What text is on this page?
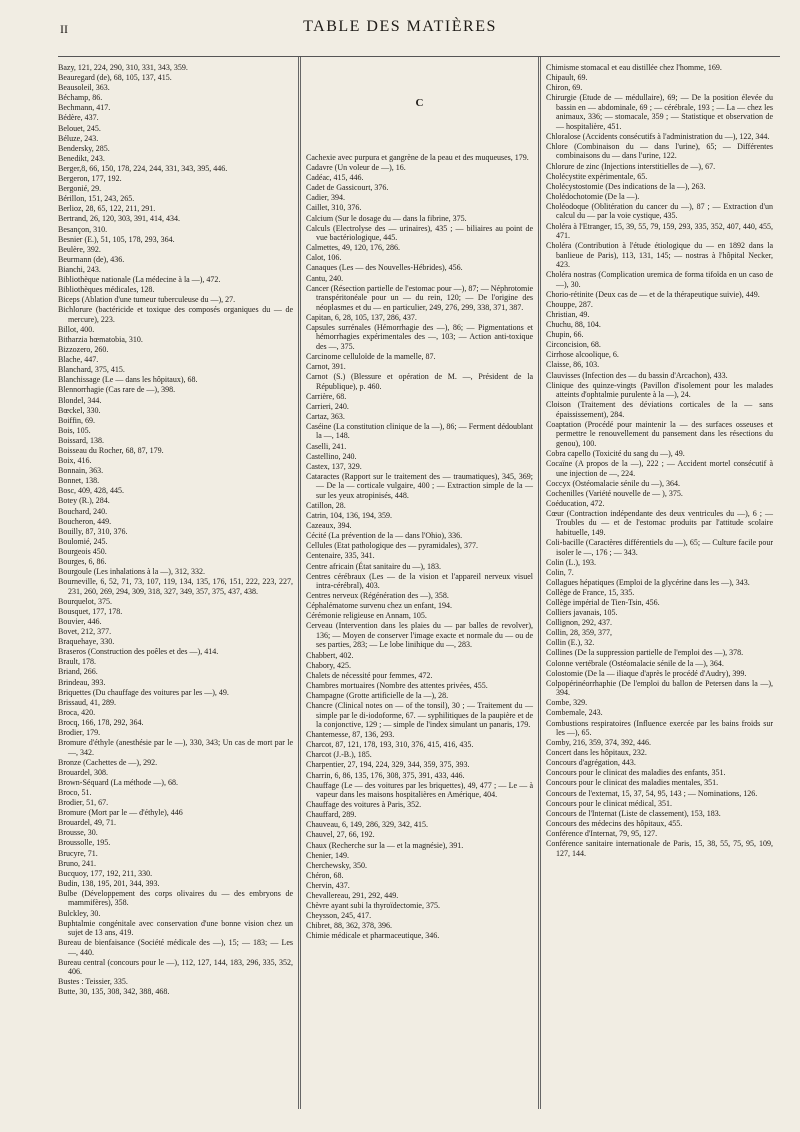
II	TABLE DES MATIÈRES

Bazy, 121, 224, 290, 310, 331, 343, 359.

Beauregard (de), 68, 105, 137, 415.

Beausoleil, 363.

Béchamp, 86.

Bechmann, 417.

Bédère, 437.

Belouet, 245.

Béluze, 243.

Bendersky, 285.

Benedikt, 243.

Berger,8, 66, 150, 178, 224, 244, 331, 343, 395, 446.

Bergeron, 177, 192.

Bergonié, 29.

Bérillon, 151, 243, 265.

Berlioz, 28, 65, 122, 211, 291.

Bertrand, 26, 120, 303, 391, 414, 434.

Besançon, 310.

Besnier (E.), 51, 105, 178, 293, 364.

Beulère, 392.

Beurmann (de), 436.

Bianchi, 243.

Bibliothèque nationale (La médecine à la —), 472.

Bibliothèques médicales, 128.

Biceps (Ablation d'une tumeur tuberculeuse du —), 27.

Bichlorure (bactéricide et toxique des composés organiques du — de mercure), 223.

Billot, 400.

Bitharzia hœmatobia, 310.

Bizzozero, 260.

Blache, 447.

Blanchard, 375, 415.

Blanchissage (Le — dans les hôpitaux), 68.

Blennorrhagie (Cas rare de —), 398.

Blondel, 344.

Bœckel, 330.

Boiffin, 69.

Bois, 105.

Boissard, 138.

Boisseau du Rocher, 68, 87, 179.

Boix, 416.

Bonnain, 363.

Bonnet, 138.

Bosc, 409, 428, 445.

Botey (R.), 284.

Bouchard, 240.

Boucheron, 449.

Bouilly, 87, 310, 376.

Boulomié, 245.

Bourgeois 450.

Bourges, 6, 86.

Bourgoule (Les inhalations à la —), 312, 332.

Bourneville, 6, 52, 71, 73, 107, 119, 134, 135, 176, 151, 222, 223, 227, 231, 260, 269, 294, 309, 318, 327, 349, 357, 375, 437, 438.

Bourquelot, 375.

Bousquet, 177, 178.

Bouvier, 446.

Bovet, 212, 377.

Braquehaye, 330.

Braseros (Construction des poêles et des —), 414.

Brault, 178.

Briand, 266.

Brindeau, 393.

Briquettes (Du chauffage des voitures par les —), 49.

Brissaud, 41, 289.

Broca, 420.

Brocq, 166, 178, 292, 364.

Brodier, 179.

Bromure d'éthyle (anesthésie par le —), 330, 343; Un cas de mort par le —, 342.

Bronze (Cachettes de —), 292.

Brouardel, 308.

Brown-Séquard (La méthode —), 68.

Broco, 51.

Brodier, 51, 67.

Bromure (Mort par le — d'éthyle), 446

Brouardel, 49, 71.

Brousse, 30.

Broussolle, 195.

Brucyre, 71.

Bruno, 241.

Bucquoy, 177, 192, 211, 330.

Budin, 138, 195, 201, 344, 393.

Bulbe (Développement des corps olivaires du — des embryons de mammifères), 358.

Bulckley, 30.

Buphtalmie congénitale avec conservation d'une bonne vision chez un sujet de 13 ans, 419.

Bureau de bienfaisance (Société médicale des —), 15; — 183; — Les —, 440.

Bureau central (concours pour le —), 112, 127, 144, 183, 296, 335, 352, 406.

Bustes : Teissier, 335.

Butte, 30, 135, 308, 342, 388, 468.

C

Cachexie avec purpura et gangrène de la peau et des muqueuses, 179.

Cadavre (Un voleur de —), 16.

Cadéac, 415, 446.

Cadet de Gassicourt, 376.

Cadier, 394.

Caillet, 310, 376.

Calcium (Sur le dosage du — dans la fibrine, 375.

Calculs (Electrolyse des — urinaires), 435 ; — biliaires au point de vue bactériologique, 445.

Calmettes, 49, 120, 176, 286.

Calot, 106.

Canaques (Les — des Nouvelles-Hébrides), 456.

Cantu, 240.

Cancer (Résection partielle de l'estomac pour —), 87; — Néphrotomie transpéritonéale pour un — du rein, 120; — De l'origine des néoplasmes et du — en particulier, 249, 276, 299, 338, 371, 387.

Capitan, 6, 28, 105, 137, 286, 437.

Capsules surrénales (Hémorrhagie des —), 86; — Pigmentations et hémorrhagies expérimentales des —, 103; — Action anti-toxique des —, 375.

Carcinome celluloïde de la mamelle, 87.

Carnot, 391.

Carnot (S.) (Blessure et opération de M. —, Président de la République), p. 460.

Carrière, 68.

Carrieri, 240.

Cartaz, 363.

Caséine (La constitution clinique de la —), 86; — Ferment dédoublant la —, 148.

Caselli, 241.

Castellino, 240.

Castex, 137, 329.

Cataractes (Rapport sur le traitement des — traumatiques), 345, 369; — De la — corticale vulgaire, 400 ; — Extraction simple de la — sur les yeux atropinisés, 448.

Catillon, 28.

Catrin, 104, 136, 194, 359.

Cazeaux, 394.

Cécité (La prévention de la — dans l'Ohio), 336.

Cellules (Etat pathologique des — pyramidales), 377.

Centenaire, 335, 341.

Centre africain (État sanitaire du —), 183.

Centres cérébraux (Les — de la vision et l'appareil nerveux visuel intra-cérébral), 403.

Centres nerveux (Régénération des —), 358.

Céphalématome survenu chez un enfant, 194.

Cérémonie religieuse en Annam, 105.

Cerveau (Intervention dans les plaies du — par balles de revolver), 136; — Moyen de conserver l'image exacte et normale du — ou de ses parties, 283; — Le lobe linihique du —, 283.

Chabbert, 402.

Chabory, 425.

Chalets de nécessité pour femmes, 472.

Chambres mortuaires (Nombre des attentes privées, 455.

Champagne (Grotte artificielle de la —), 28.

Chancre (Clinical notes on — of the tonsil), 30 ; — Traitement du — simple par le di-iodoforme, 67. — syphilitiques de la paupière et de la conjonctive, 129 ; — simple de l'index simulant un panaris, 179.

Chantemesse, 87, 136, 293.

Charcot, 87, 121, 178, 193, 310, 376, 415, 416, 435.

Charcot (J.-B.), 185.

Charpentier, 27, 194, 224, 329, 344, 359, 375, 393.

Charrin, 6, 86, 135, 176, 308, 375, 391, 433, 446.

Chauffage (Le — des voitures par les briquettes), 49, 477 ; — Le — à vapeur dans les maisons hospitalières en Amérique, 404.

Chauffage des voitures à Paris, 352.

Chauffard, 289.

Chauveau, 6, 149, 286, 329, 342, 415.

Chauvel, 27, 66, 192.

Chaux (Recherche sur la — et la magnésie), 391.

Chenier, 149.

Cherchewsky, 350.

Chéron, 68.

Chervin, 437.

Chevallereau, 291, 292, 449.

Chèvre ayant subi la thyroïdectomie, 375.

Cheysson, 245, 417.

Chibret, 88, 362, 378, 396.

Chimie médicale et pharmaceutique, 346.

Chimisme stomacal et eau distillée chez l'homme, 169.

Chipault, 69.

Chiron, 69.

Chirurgie (Etude de — médullaire), 69; — De la position élevée du bassin en — abdominale, 69 ; — cérébrale, 193 ; — La — chez les animaux, 336; — stomacale, 359 ; — Statistique et observation de — hospitalière, 451.

Chloralose (Accidents consécutifs à l'administration du —), 122, 344.

Chlore (Combinaison du — dans l'urine), 65; — Différentes combinaisons du — dans l'urine, 122.

Chlorure de zinc (Injections interstitielles de —), 67.

Cholécystite expérimentale, 65.

Cholécystostomie (Des indications de la —), 263.

Cholédochotomie (De la —).

Choléodoque (Oblitération du cancer du —), 87 ; — Extraction d'un calcul du — par la voie cystique, 435.

Choléra à l'Etranger, 15, 39, 55, 79, 159, 293, 335, 352, 407, 440, 455, 471.

Choléra (Contribution à l'étude étiologique du — en 1892 dans la banlieue de Paris), 113, 131, 145; — nostras à l'hôpital Necker, 423.

Choléra nostras (Complication uremica de forma tifoïda en un caso de —), 30.

Chorio-rétinite (Deux cas de — et de la thérapeutique suivie), 449.

Chouppe, 287.

Christian, 49.

Chuchu, 88, 104.

Chupin, 66.

Circoncision, 68.

Cirrhose alcoolique, 6.

Claisse, 86, 103.

Clauvisses (Infection des — du bassin d'Arcachon), 433.

Clinique des quinze-vingts (Pavillon d'isolement pour les malades atteints d'ophtalmie purulente à la —), 24.

Cloison (Traitement des déviations corticales de la — sans épaississement), 284.

Coaptation (Procédé pour maintenir la — des surfaces osseuses et permettre le renouvellement du pansement dans les résections du genou), 100.

Cobra capello (Toxicité du sang du —), 49.

Cocaïne (A propos de la —), 222 ; — Accident mortel consécutif à une injection de —, 224.

Coccyx (Ostéomalacie sénile du —), 364.

Cochenilles (Variété nouvelle de — ), 375.

Coéducation, 472.

Cœur (Contraction indépendante des deux ventricules du —), 6 ; — Troubles du — et de l'estomac produits par l'attitude scolaire habituelle, 149.

Coli-bacille (Caractères différentiels du —), 65; — Culture facile pour isoler le —, 176 ; — 343.

Colin (L.), 193.

Colin, 7.

Collagues hépatiques (Emploi de la glycérine dans les —), 343.

Collège de France, 15, 335.

Collège impérial de Tien-Tsin, 456.

Colliers javanais, 105.

Collignon, 292, 437.

Collin, 28, 359, 377,

Collin (E.), 32.

Collines (De la suppression partielle de l'emploi des —), 378.

Colonne vertébrale (Ostéomalacie sénile de la —), 364.

Colostomie (De la — iliaque d'après le procédé d'Audry), 399.

Colpopérinéorrhaphie (De l'emploi du ballon de Petersen dans la —), 394.

Combe, 329.

Combemale, 243.

Combustions respiratoires (Influence exercée par les bains froids sur les —), 65.

Comby, 216, 359, 374, 392, 446.

Concert dans les hôpitaux, 232.

Concours d'agrégation, 443.

Concours pour le clinicat des maladies des enfants, 351.

Concours pour le clinicat des maladies mentales, 351.

Concours de l'externat, 15, 37, 54, 95, 143 ; — Nominations, 126.

Concours pour le clinicat médical, 351.

Concours de l'Internat (Liste de classement), 153, 183.

Concours des médecins des hôpitaux, 455.

Conférence d'Internat, 79, 95, 127.

Conférence sanitaire internationale de Paris, 15, 38, 55, 75, 95, 109, 127, 144.
